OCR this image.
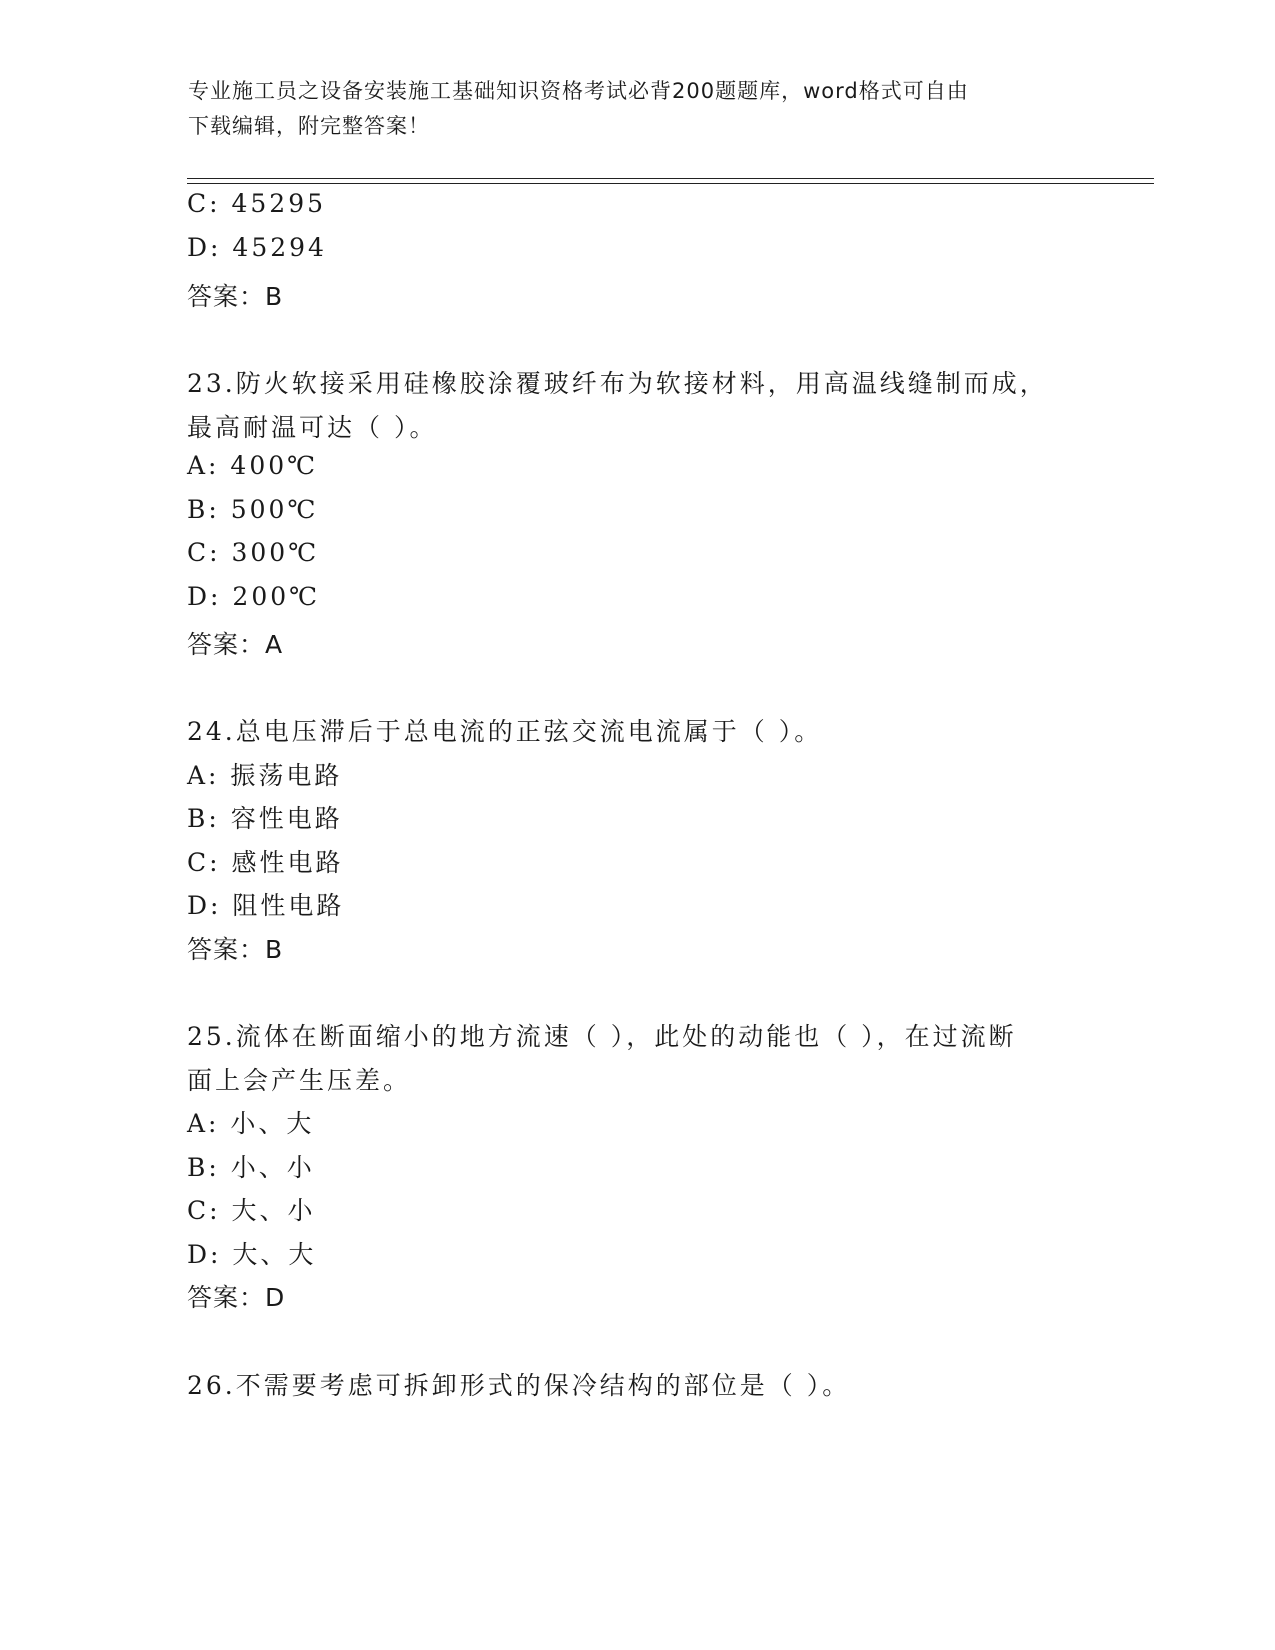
专业施工员之设备安装施工基础知识资格考试必背200题题库，word格式可自由
下载编辑，附完整答案！
C: 45295
D: 45294
答案：B
23.防火软接采用硅橡胶涂覆玻纤布为软接材料，用高温线缝制而成，
最高耐温可达（ ）。
A: 400℃
B: 500℃
C: 300℃
D: 200℃
答案：A
24.总电压滞后于总电流的正弦交流电流属于（ ）。
A: 振荡电路
B: 容性电路
C: 感性电路
D: 阻性电路
答案：B
25.流体在断面缩小的地方流速（ ），此处的动能也（ ），在过流断
面上会产生压差。
A: 小、大
B: 小、小
C: 大、小
D: 大、大
答案：D
26.不需要考虑可拆卸形式的保冷结构的部位是（ ）。
